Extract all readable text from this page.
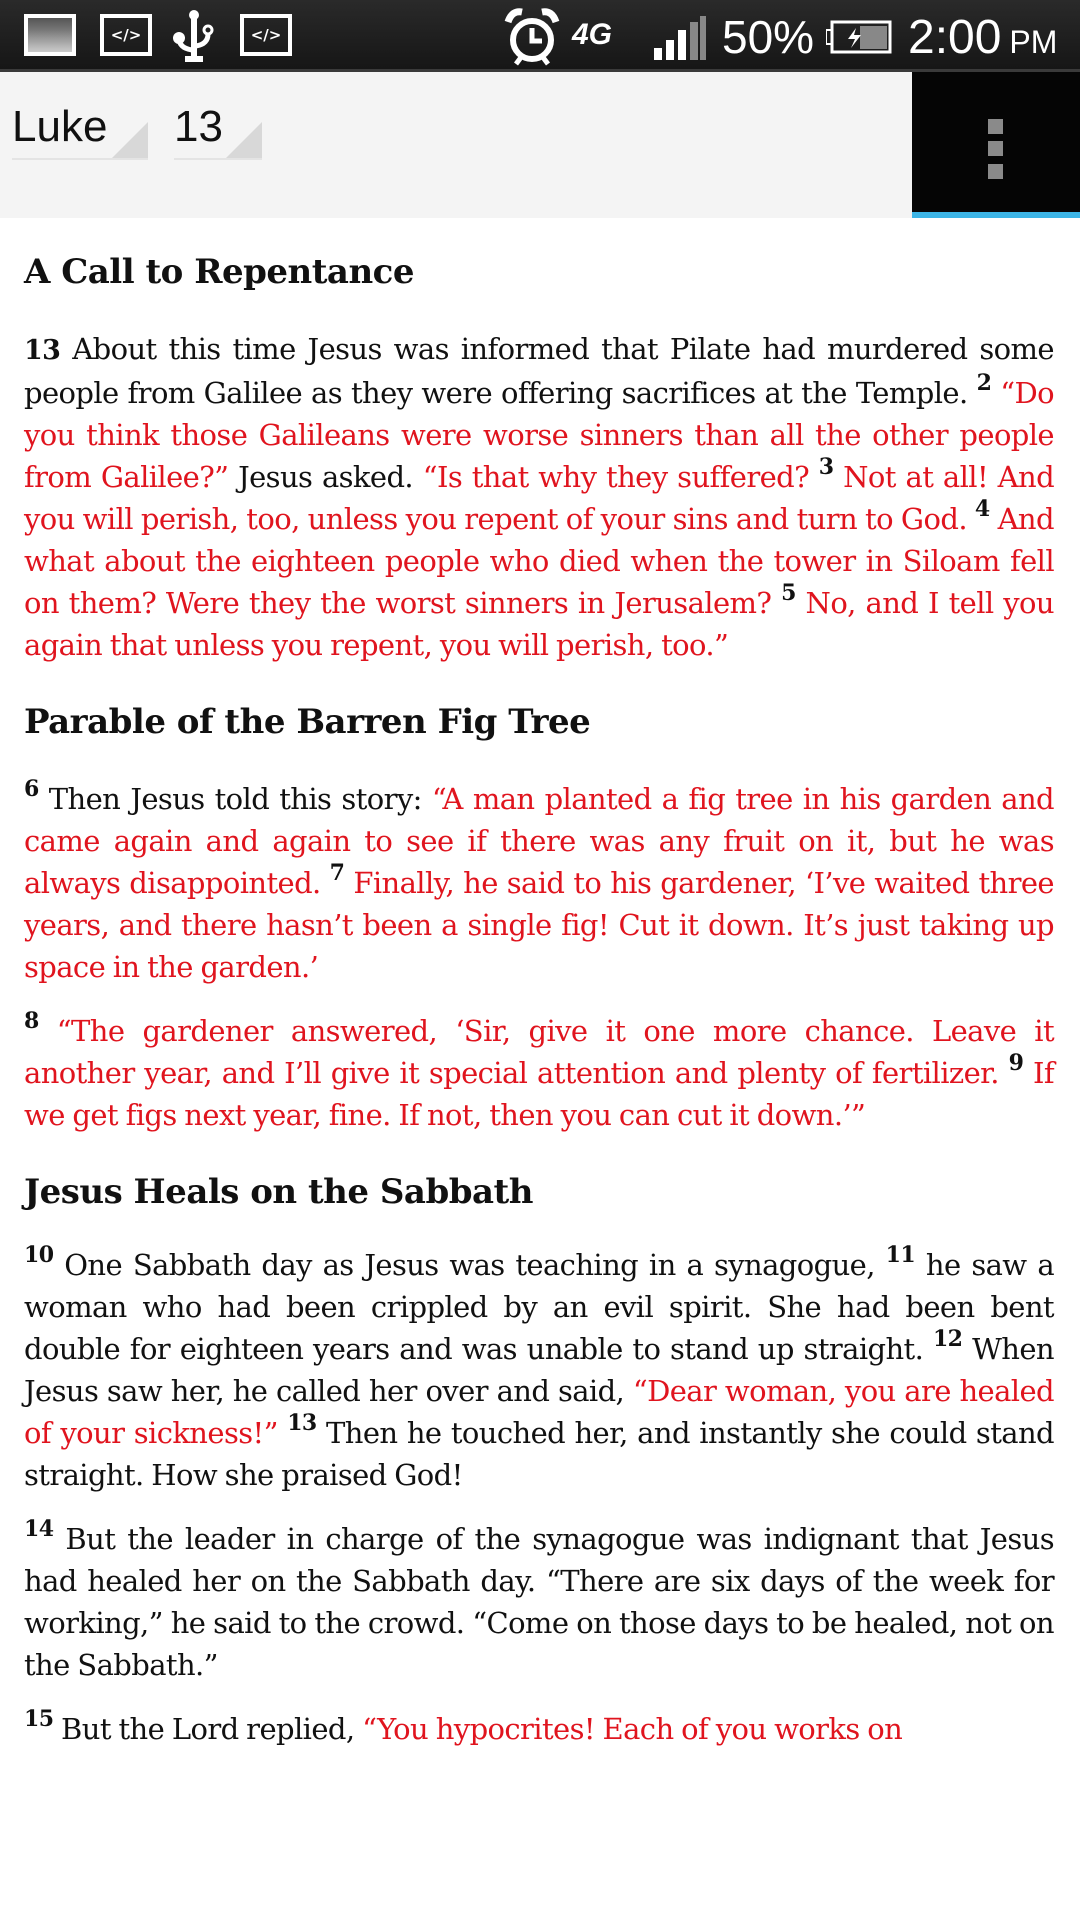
</>	</>	4G 50% 2:00 PM
Luke	13
A Call to Repentance

13 About this time Jesus was informed that Pilate had murdered some people from Galilee as they were offering sacrifices at the Temple. $^2$ “Do you think those Galileans were worse sinners than all the other people from Galilee?” Jesus asked. “Is that why they suffered? $^3$ Not at all! And you will perish, too, unless you repent of your sins and turn to God. $^4$ And what about the eighteen people who died when the tower in Siloam fell on them? Were they the worst sinners in Jerusalem? $^5$ No, and I tell you again that unless you repent, you will perish, too.”

Parable of the Barren Fig Tree

$^6$ Then Jesus told this story: “A man planted a fig tree in his garden and came again and again to see if there was any fruit on it, but he was always disappointed. $^7$ Finally, he said to his gardener, ‘I’ve waited three years, and there hasn’t been a single fig! Cut it down. It’s just taking up space in the garden.’

$^8$ “The gardener answered, ‘Sir, give it one more chance. Leave it another year, and I’ll give it special attention and plenty of fertilizer. $^9$ If we get figs next year, fine. If not, then you can cut it down.’”

Jesus Heals on the Sabbath

$^{10}$ One Sabbath day as Jesus was teaching in a synagogue, $^{11}$ he saw a woman who had been crippled by an evil spirit. She had been bent double for eighteen years and was unable to stand up straight. $^{12}$ When Jesus saw her, he called her over and said, “Dear woman, you are healed of your sickness!” $^{13}$ Then he touched her, and instantly she could stand straight. How she praised God!

$^{14}$ But the leader in charge of the synagogue was indignant that Jesus had healed her on the Sabbath day. “There are six days of the week for working,” he said to the crowd. “Come on those days to be healed, not on the Sabbath.”

$^{15}$ But the Lord replied, “You hypocrites! Each of you works on
